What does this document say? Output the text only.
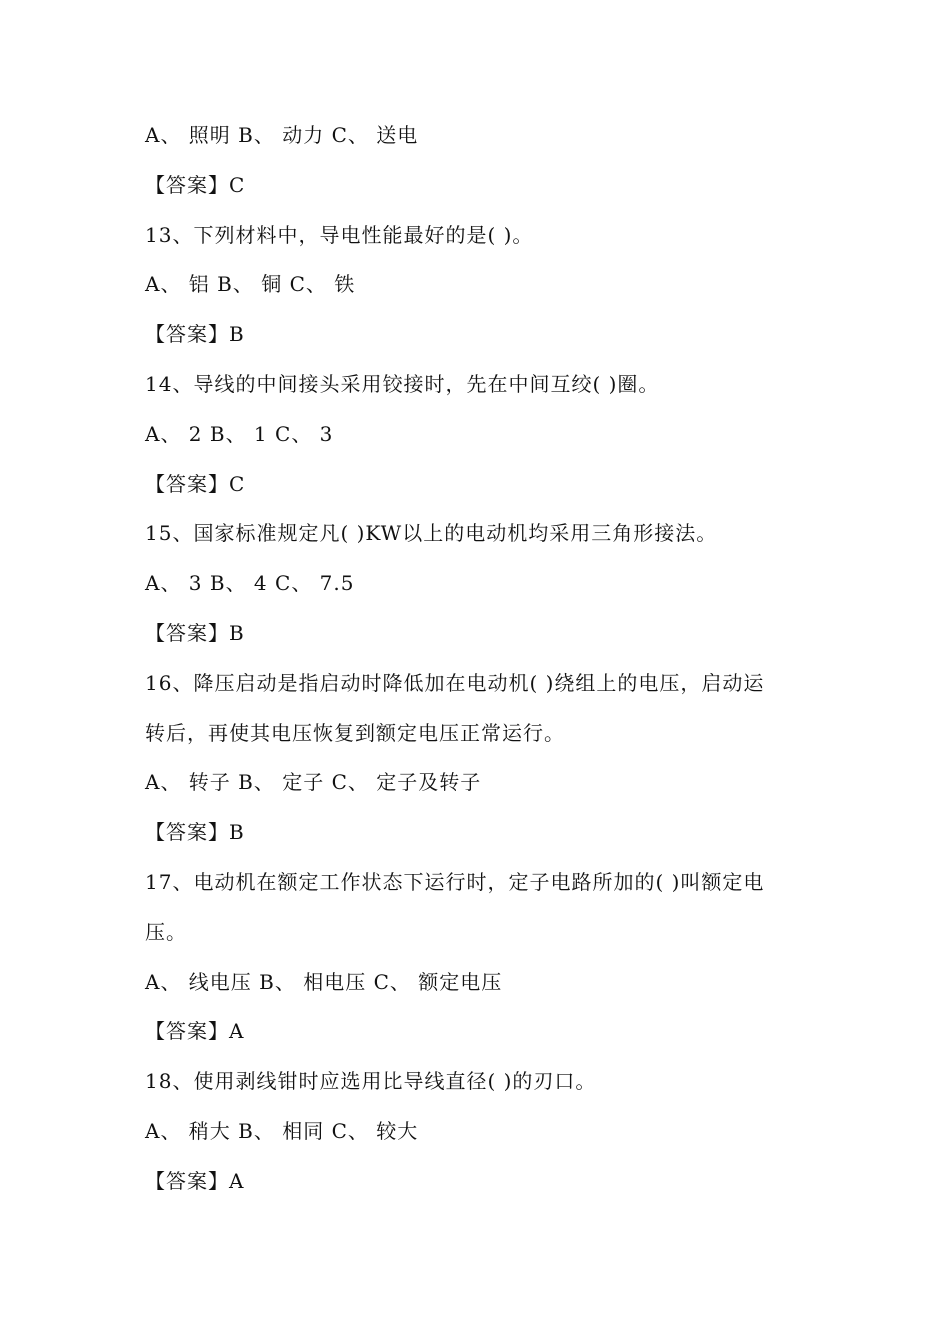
A、 照明 B、 动力 C、 送电

【答案】C

13、下列材料中，导电性能最好的是( )。

A、 铝 B、 铜 C、 铁

【答案】B

14、导线的中间接头采用铰接时，先在中间互绞( )圈。

A、 2 B、 1 C、 3

【答案】C

15、国家标准规定凡( )KW以上的电动机均采用三角形接法。

A、 3 B、 4 C、 7.5

【答案】B

16、降压启动是指启动时降低加在电动机( )绕组上的电压，启动运

转后，再使其电压恢复到额定电压正常运行。

A、 转子 B、 定子 C、 定子及转子

【答案】B

17、电动机在额定工作状态下运行时，定子电路所加的( )叫额定电

压。

A、 线电压 B、 相电压 C、 额定电压

【答案】A

18、使用剥线钳时应选用比导线直径( )的刃口。

A、 稍大 B、 相同 C、 较大

【答案】A
